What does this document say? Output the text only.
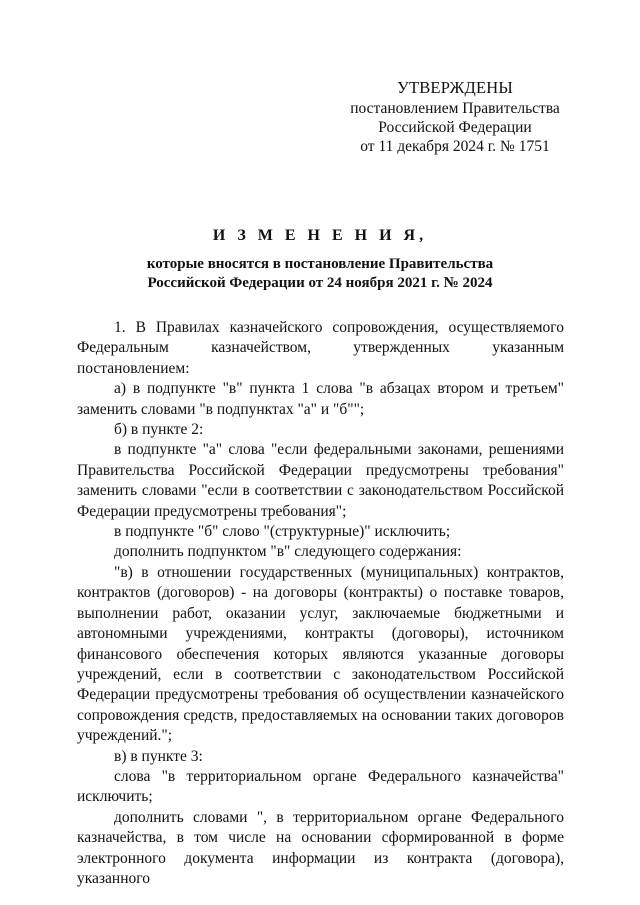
УТВЕРЖДЕНЫ
постановлением Правительства
Российской Федерации
от 11 декабря 2024 г. № 1751
И З М Е Н Е Н И Я,
которые вносятся в постановление Правительства
Российской Федерации от 24 ноября 2021 г. № 2024

1. В Правилах казначейского сопровождения, осуществляемого Федеральным казначейством, утвержденных указанным постановлением:

а) в подпункте "в" пункта 1 слова "в абзацах втором и третьем" заменить словами "в подпунктах "а" и "б"";

б) в пункте 2:

в подпункте "а" слова "если федеральными законами, решениями Правительства Российской Федерации предусмотрены требования" заменить словами "если в соответствии с законодательством Российской Федерации предусмотрены требования";

в подпункте "б" слово "(структурные)" исключить;

дополнить подпунктом "в" следующего содержания:

"в) в отношении государственных (муниципальных) контрактов, контрактов (договоров) - на договоры (контракты) о поставке товаров, выполнении работ, оказании услуг, заключаемые бюджетными и автономными учреждениями, контракты (договоры), источником финансового обеспечения которых являются указанные договоры учреждений, если в соответствии с законодательством Российской Федерации предусмотрены требования об осуществлении казначейского сопровождения средств, предоставляемых на основании таких договоров учреждений.";

в) в пункте 3:

слова "в территориальном органе Федерального казначейства" исключить;

дополнить словами ", в территориальном органе Федерального казначейства, в том числе на основании сформированной в форме электронного документа информации из контракта (договора), указанного
